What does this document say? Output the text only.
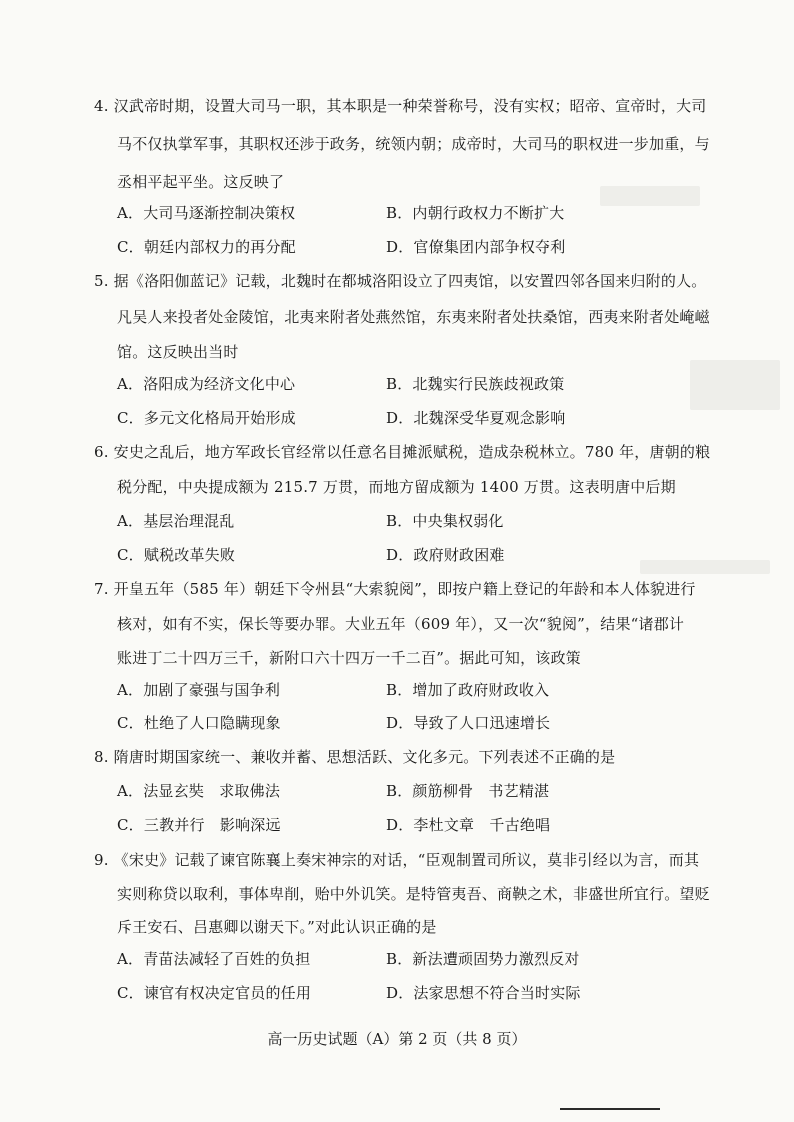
4. 汉武帝时期，设置大司马一职，其本职是一种荣誉称号，没有实权；昭帝、宣帝时，大司
马不仅执掌军事，其职权还涉于政务，统领内朝；成帝时，大司马的职权进一步加重，与
丞相平起平坐。这反映了
A．大司马逐渐控制决策权	B．内朝行政权力不断扩大
C．朝廷内部权力的再分配	D．官僚集团内部争权夺利
5. 据《洛阳伽蓝记》记载，北魏时在都城洛阳设立了四夷馆，以安置四邻各国来归附的人。
凡吴人来投者处金陵馆，北夷来附者处燕然馆，东夷来附者处扶桑馆，西夷来附者处崦嵫
馆。这反映出当时
A．洛阳成为经济文化中心	B．北魏实行民族歧视政策
C．多元文化格局开始形成	D．北魏深受华夏观念影响
6. 安史之乱后，地方军政长官经常以任意名目摊派赋税，造成杂税林立。780 年，唐朝的粮
税分配，中央提成额为 215.7 万贯，而地方留成额为 1400 万贯。这表明唐中后期
A．基层治理混乱	B．中央集权弱化
C．赋税改革失败	D．政府财政困难
7. 开皇五年（585 年）朝廷下令州县“大索貌阅”，即按户籍上登记的年龄和本人体貌进行
核对，如有不实，保长等要办罪。大业五年（609 年），又一次“貌阅”，结果“诸郡计
账进丁二十四万三千，新附口六十四万一千二百”。据此可知，该政策
A．加剧了豪强与国争利	B．增加了政府财政收入
C．杜绝了人口隐瞒现象	D．导致了人口迅速增长
8. 隋唐时期国家统一、兼收并蓄、思想活跃、文化多元。下列表述不正确的是
A．法显玄奘　求取佛法	B．颜筋柳骨　书艺精湛
C．三教并行　影响深远	D．李杜文章　千古绝唱
9. 《宋史》记载了谏官陈襄上奏宋神宗的对话，“臣观制置司所议，莫非引经以为言，而其
实则称贷以取利，事体卑削，贻中外讥笑。是特管夷吾、商鞅之术，非盛世所宜行。望贬
斥王安石、吕惠卿以谢天下。”对此认识正确的是
A．青苗法减轻了百姓的负担	B．新法遭顽固势力激烈反对
C．谏官有权决定官员的任用	D．法家思想不符合当时实际
高一历史试题（A）第 2 页（共 8 页）
